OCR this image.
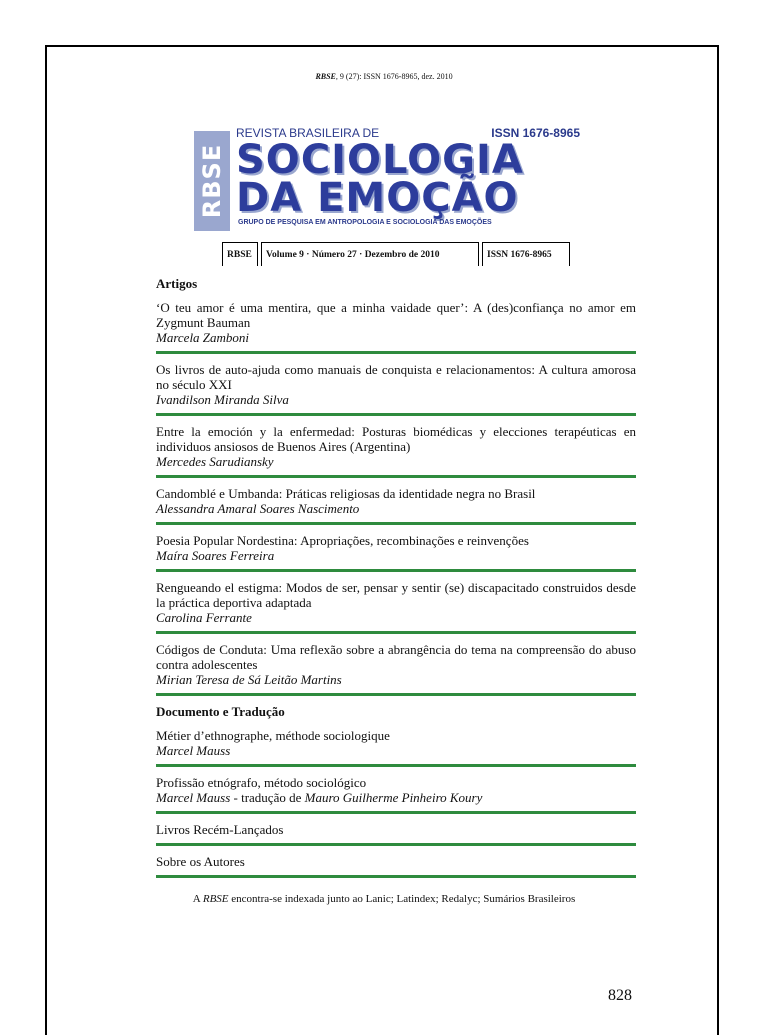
RBSE, 9 (27): ISSN 1676-8965, dez. 2010
RBSE
REVISTA BRASILEIRA DE	ISSN 1676-8965
SOCIOLOGIA
DA EMOÇÃO
GRUPO DE PESQUISA EM ANTROPOLOGIA E SOCIOLOGIA DAS EMOÇÕES
RBSE	Volume 9 · Número 27 · Dezembro de 2010	ISSN 1676-8965
Artigos
‘O teu amor é uma mentira, que a minha vaidade quer’: A (des)confiança no amor em Zygmunt Bauman
Marcela Zamboni
Os livros de auto-ajuda como manuais de conquista e relacionamentos: A cultura amorosa no século XXI
Ivandilson Miranda Silva
Entre la emoción y la enfermedad: Posturas biomédicas y elecciones terapéuticas en individuos ansiosos de Buenos Aires (Argentina)
Mercedes Sarudiansky
Candomblé e Umbanda: Práticas religiosas da identidade negra no Brasil
Alessandra Amaral Soares Nascimento
Poesia Popular Nordestina: Apropriações, recombinações e reinvenções
Maíra Soares Ferreira
Rengueando el estigma: Modos de ser, pensar y sentir (se) discapacitado construidos desde la práctica deportiva adaptada
Carolina Ferrante
Códigos de Conduta: Uma reflexão sobre a abrangência do tema na compreensão do abuso contra adolescentes
Mirian Teresa de Sá Leitão Martins
Documento e Tradução
Métier d’ethnographe, méthode sociologique
Marcel Mauss
Profissão etnógrafo, método sociológico
Marcel Mauss - tradução de Mauro Guilherme Pinheiro Koury
Livros Recém-Lançados
Sobre os Autores
A RBSE encontra-se indexada junto ao Lanic; Latindex; Redalyc; Sumários Brasileiros
828
